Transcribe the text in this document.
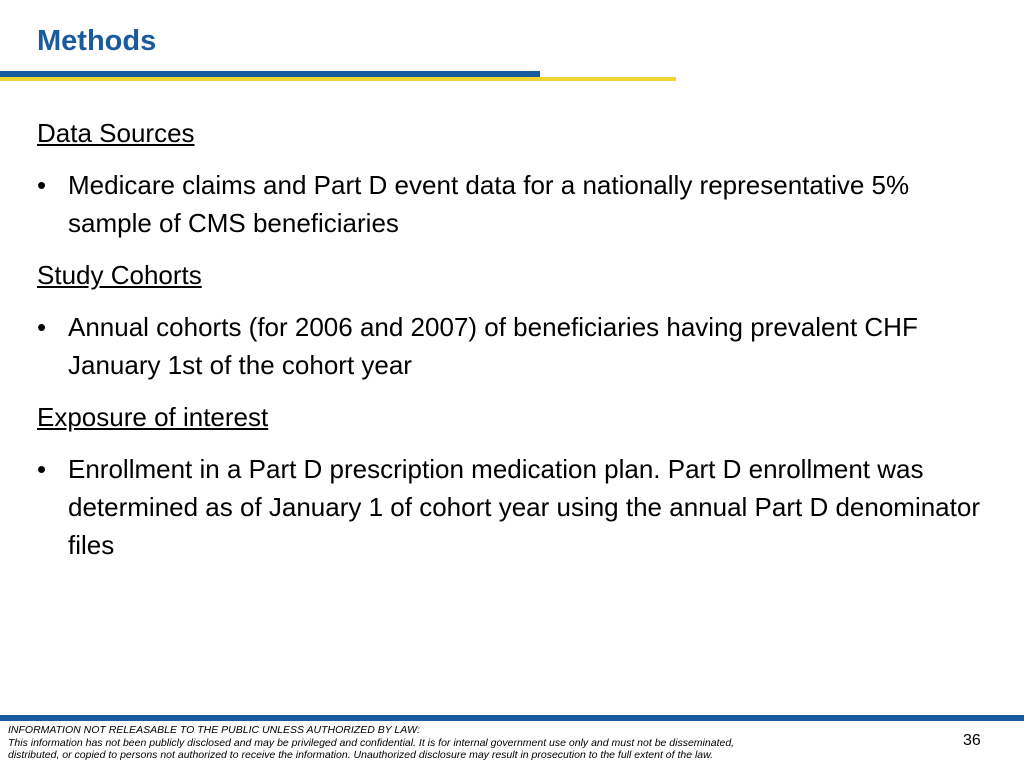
Methods
Data Sources
• Medicare claims and Part D event data for a nationally representative 5% sample of CMS beneficiaries
Study Cohorts
• Annual cohorts (for 2006 and 2007) of beneficiaries having prevalent CHF January 1st of the cohort year
Exposure of interest
• Enrollment in a Part D prescription medication plan. Part D enrollment was determined as of January 1 of cohort year using the annual Part D denominator files
INFORMATION NOT RELEASABLE TO THE PUBLIC UNLESS AUTHORIZED BY LAW:
This information has not been publicly disclosed and may be privileged and confidential. It is for internal government use only and must not be disseminated,
distributed, or copied to persons not authorized to receive the information. Unauthorized disclosure may result in prosecution to the full extent of the law.
36
